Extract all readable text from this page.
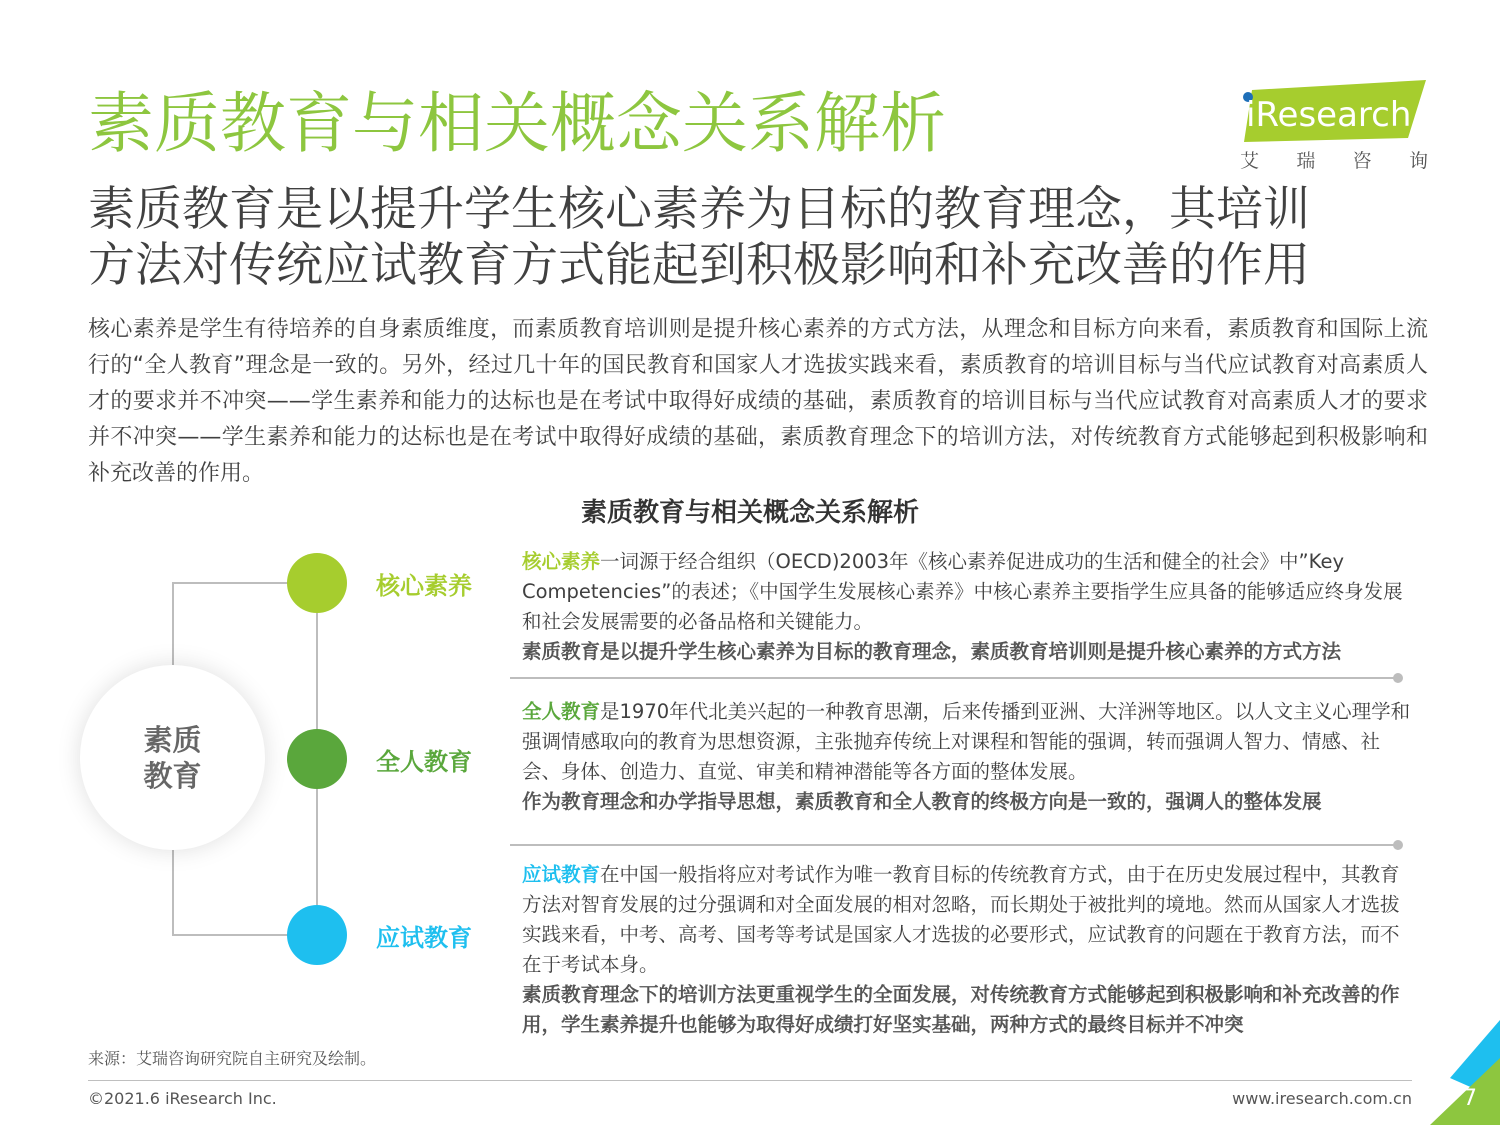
素质教育与相关概念关系解析	iResearch
艾 瑞 咨 询
素质教育是以提升学生核心素养为目标的教育理念，其培训
方法对传统应试教育方式能起到积极影响和补充改善的作用
核心素养是学生有待培养的自身素质维度，而素质教育培训则是提升核心素养的方式方法，从理念和目标方向来看，素质教育和国际上流行的“全人教育”理念是一致的。另外，经过几十年的国民教育和国家人才选拔实践来看，素质教育的培训目标与当代应试教育对高素质人才的要求并不冲突——学生素养和能力的达标也是在考试中取得好成绩的基础，素质教育的培训目标与当代应试教育对高素质人才的要求并不冲突——学生素养和能力的达标也是在考试中取得好成绩的基础，素质教育理念下的培训方法，对传统教育方式能够起到积极影响和补充改善的作用。
素质教育与相关概念关系解析
素质教育
核心素养
核心素养一词源于经合组织（OECD)2003年《核心素养促进成功的生活和健全的社会》中”Key Competencies”的表述；《中国学生发展核心素养》中核心素养主要指学生应具备的能够适应终身发展和社会发展需要的必备品格和关键能力。
素质教育是以提升学生核心素养为目标的教育理念，素质教育培训则是提升核心素养的方式方法
全人教育
全人教育是1970年代北美兴起的一种教育思潮，后来传播到亚洲、大洋洲等地区。以人文主义心理学和强调情感取向的教育为思想资源，主张抛弃传统上对课程和智能的强调，转而强调人智力、情感、社会、身体、创造力、直觉、审美和精神潜能等各方面的整体发展。
作为教育理念和办学指导思想，素质教育和全人教育的终极方向是一致的，强调人的整体发展
应试教育
应试教育在中国一般指将应对考试作为唯一教育目标的传统教育方式，由于在历史发展过程中，其教育方法对智育发展的过分强调和对全面发展的相对忽略，而长期处于被批判的境地。然而从国家人才选拔实践来看，中考、高考、国考等考试是国家人才选拔的必要形式，应试教育的问题在于教育方法，而不在于考试本身。
素质教育理念下的培训方法更重视学生的全面发展，对传统教育方式能够起到积极影响和补充改善的作用，学生素养提升也能够为取得好成绩打好坚实基础，两种方式的最终目标并不冲突
来源：艾瑞咨询研究院自主研究及绘制。
©2021.6 iResearch Inc.	www.iresearch.com.cn 7
